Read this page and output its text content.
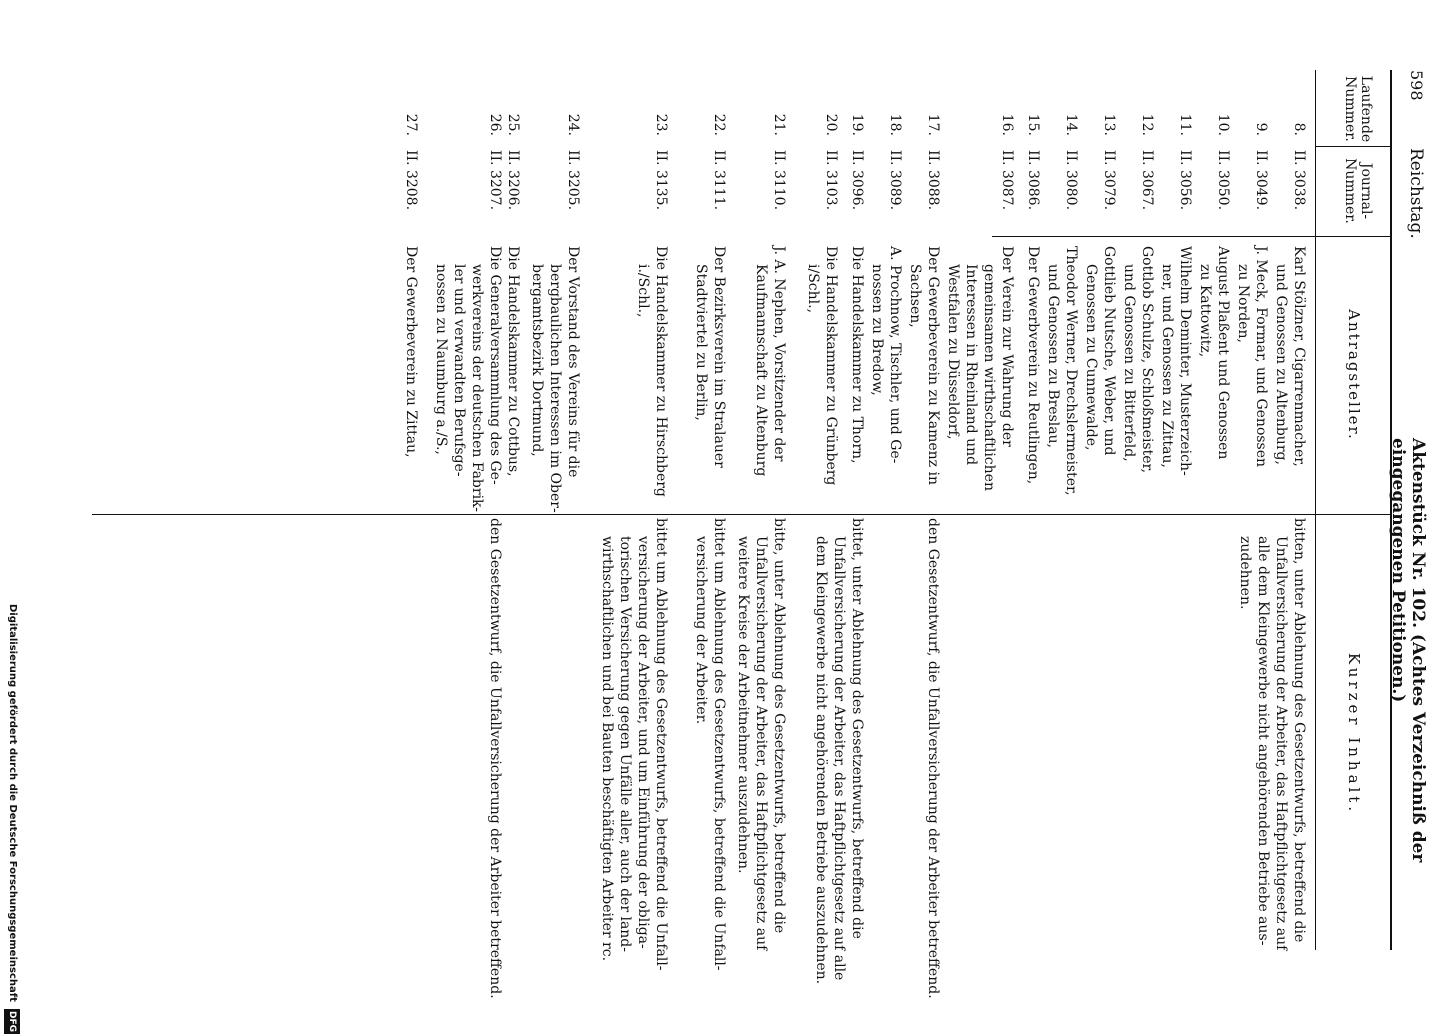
Digitalisierung gefördert durch die Deutsche Forschungsgemeinschaft DFG
598
Reichstag.
Aktenstück Nr. 102. (Achtes Verzeichniß der eingegangenen Petitionen.)
Laufende Nummer.
Journal-Nummer.
Antragsteller.
Kurzer Inhalt.
8.
II. 3038.
Karl Stölzner, Cigarrenmacher,
und Genossen zu Altenburg,
bitten, unter Ablehnung des Gesetzentwurfs, betreffend die
Unfallversicherung der Arbeiter, das Haftpflichtgesetz auf
alle dem Kleingewerbe nicht angehörenden Betriebe aus-
zudehnen.
9.
II. 3049.
J. Meck, Formar, und Genossen
zu Norden,
10.
II. 3050.
August Plaßent und Genossen
zu Kattowitz,
11.
II. 3056.
Wilhelm Deminter, Musterzeich-
ner, und Genossen zu Zittau,
12.
II. 3067.
Gottlob Schulze, Schloßmeister,
und Genossen zu Bitterfeld,
13.
II. 3079.
Gottlieb Nutsche, Weber, und
Genossen zu Cunnewalde,
14.
II. 3080.
Theodor Werner, Drechslermeister,
und Genossen zu Breslau,
15.
II. 3086.
Der Gewerbverein zu Reutlingen,
16.
II. 3087.
Der Verein zur Wahrung der
gemeinsamen wirthschaftlichen
Interessen in Rheinland und
Westfalen zu Düsseldorf,
17.
II. 3088.
Der Gewerbeverein zu Kamenz in
Sachsen,
den Gesetzentwurf, die Unfallversicherung der Arbeiter betreffend.
18.
II. 3089.
A. Prochnow, Tischler, und Ge-
nossen zu Bredow,
19.
II. 3096.
Die Handelskammer zu Thorn,
bittet, unter Ablehnung des Gesetzentwurfs, betreffend die
Unfallversicherung der Arbeiter, das Haftpflichtgesetz auf alle
dem Kleingewerbe nicht angehörenden Betriebe auszudehnen.
20.
II. 3103.
Die Handelskammer zu Grünberg
i/Schl.,
21.
II. 3110.
J. A. Nephen, Vorsitzender der
Kaufmannschaft zu Altenburg
bitte, unter Ablehnung des Gesetzentwurfs, betreffend die
Unfallversicherung der Arbeiter, das Haftpflichtgesetz auf
weitere Kreise der Arbeitnehmer auszudehnen.
22.
II. 3111.
Der Bezirksverein im Stralauer
Stadtviertel zu Berlin,
bittet um Ablehnung des Gesetzentwurfs, betreffend die Unfall-
versicherung der Arbeiter.
23.
II. 3135.
Die Handelskammer zu Hirschberg
i./Schl.,
bittet um Ablehnung des Gesetzentwurfs, betreffend die Unfall-
versicherung der Arbeiter, und um Einführung der obliga-
torischen Versicherung gegen Unfälle aller, auch der land-
wirthschaftlichen und bei Bauten beschäftigten Arbeiter rc.
24.
II. 3205.
Der Vorstand des Vereins für die
bergbaulichen Interessen im Ober-
bergamtsbezirk Dortmund,
25.
II. 3206.
Die Handelskammer zu Cottbus,
26.
II. 3207.
Die Generalversammlung des Ge-
werkvereins der deutschen Fabrik-
ler und verwandten Berufsge-
nossen zu Naumburg a./S.,
den Gesetzentwurf, die Unfallversicherung der Arbeiter betreffend.
27.
II. 3208.
Der Gewerbeverein zu Zittau,
